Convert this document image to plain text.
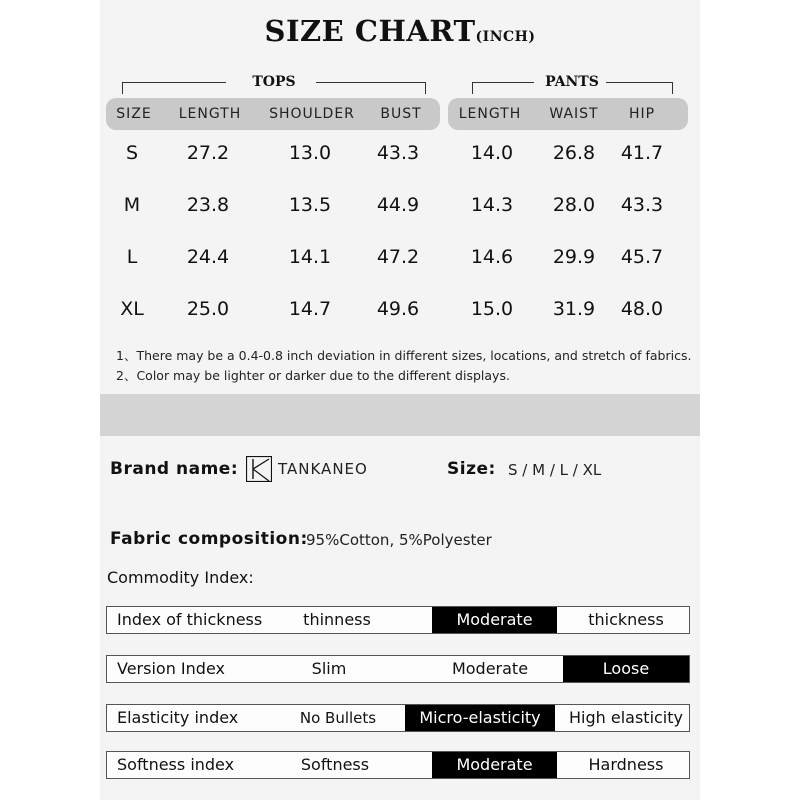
SIZE CHART(INCH)
TOPS	PANTS
SIZE	LENGTH	SHOULDER	BUST	LENGTH	WAIST	HIP
S	27.2	13.0	43.3	14.0	26.8	41.7
M	23.8	13.5	44.9	14.3	28.0	43.3
L	24.4	14.1	47.2	14.6	29.9	45.7
XL	25.0	14.7	49.6	15.0	31.9	48.0
1、There may be a 0.4-0.8 inch deviation in different sizes, locations, and stretch of fabrics.
2、Color may be lighter or darker due to the different displays.
Brand name:	TANKANEO	Size: S / M / L / XL
Fabric composition:
95%Cotton, 5%Polyester
Commodity Index:
Index of thickness	thinness	Moderate	thickness
Version Index	Slim	Moderate	Loose
Elasticity index	No Bullets	Micro-elasticity	High elasticity
Softness index	Softness	Moderate	Hardness
